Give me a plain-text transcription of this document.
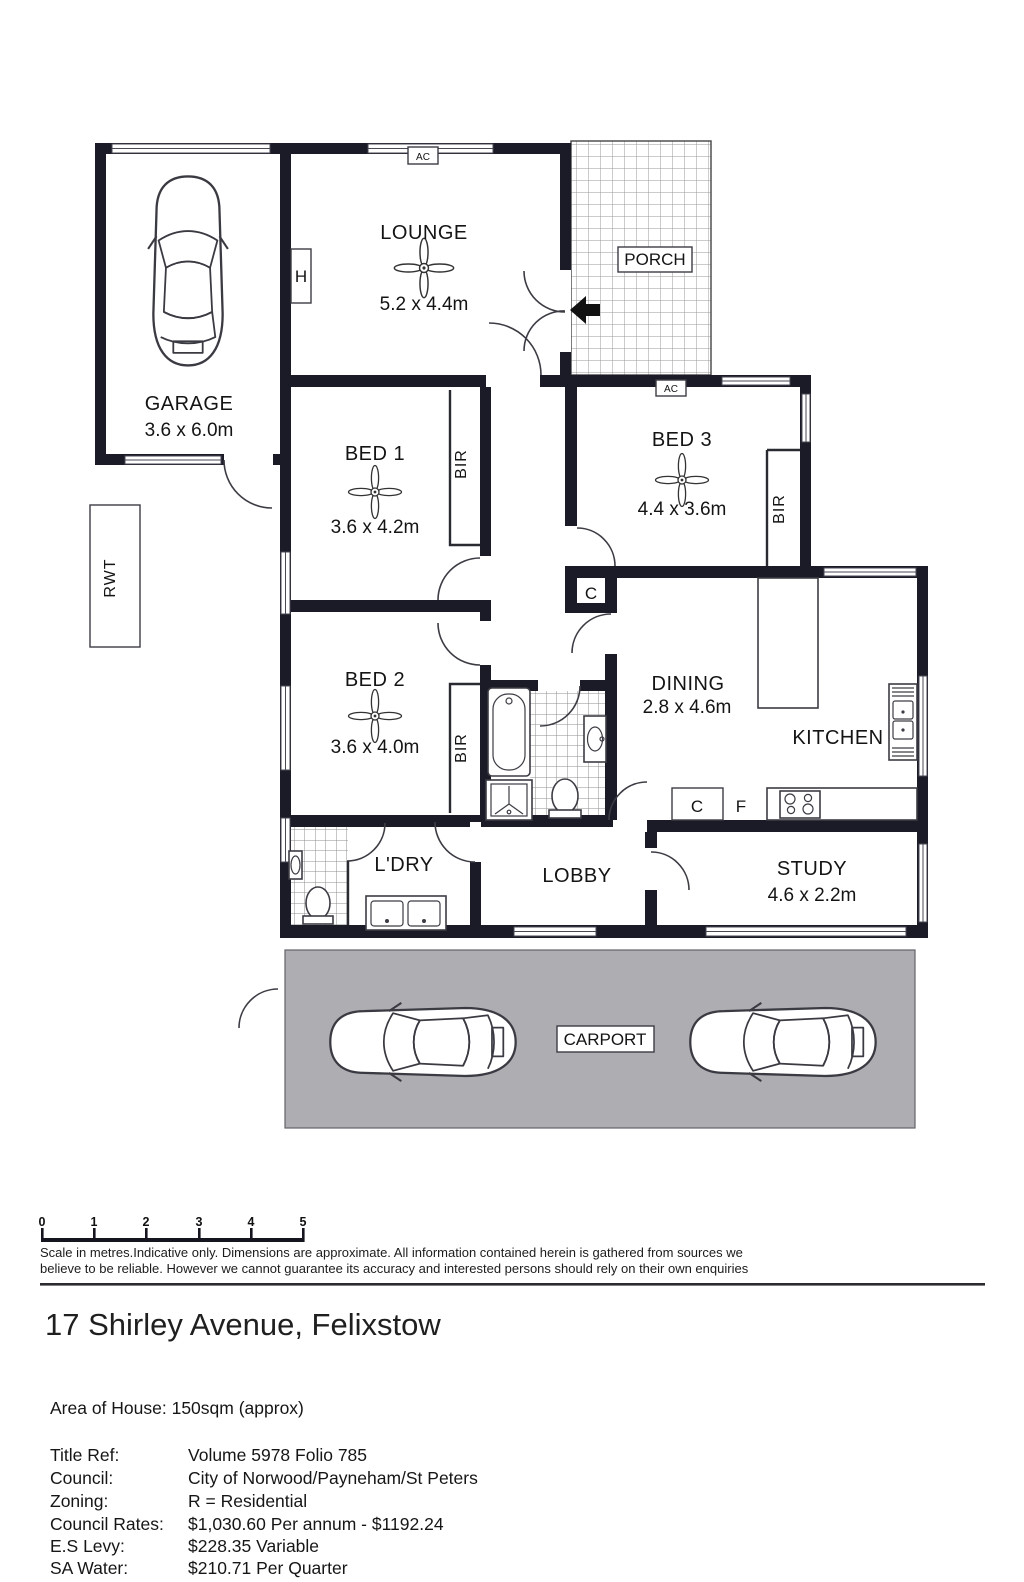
LOUNGE
5.2 x 4.4m
GARAGE
3.6 x 6.0m
BED 1
3.6 x 4.2m
BED 2
3.6 x 4.0m
BED 3
4.4 x 3.6m
DINING
2.8 x 4.6m
KITCHEN
STUDY
4.6 x 2.2m
LOBBY
L'DRY
PORCH
CARPORT
RWT
BIR
BIR
BIR
H
C
C F
AC
AC
0	1	2	3	4	5
Scale in metres.Indicative only. Dimensions are approximate. All information contained herein is gathered from sources we
believe to be reliable. However we cannot guarantee its accuracy and interested persons should rely on their own enquiries
17 Shirley Avenue, Felixstow
Area of House: 150sqm (approx)
Title Ref:	Volume 5978 Folio 785
Council:	City of Norwood/Payneham/St Peters
Zoning:	R = Residential
Council Rates: $1,030.60 Per annum - $1192.24
E.S Levy:	$228.35 Variable
SA Water:	$210.71 Per Quarter
